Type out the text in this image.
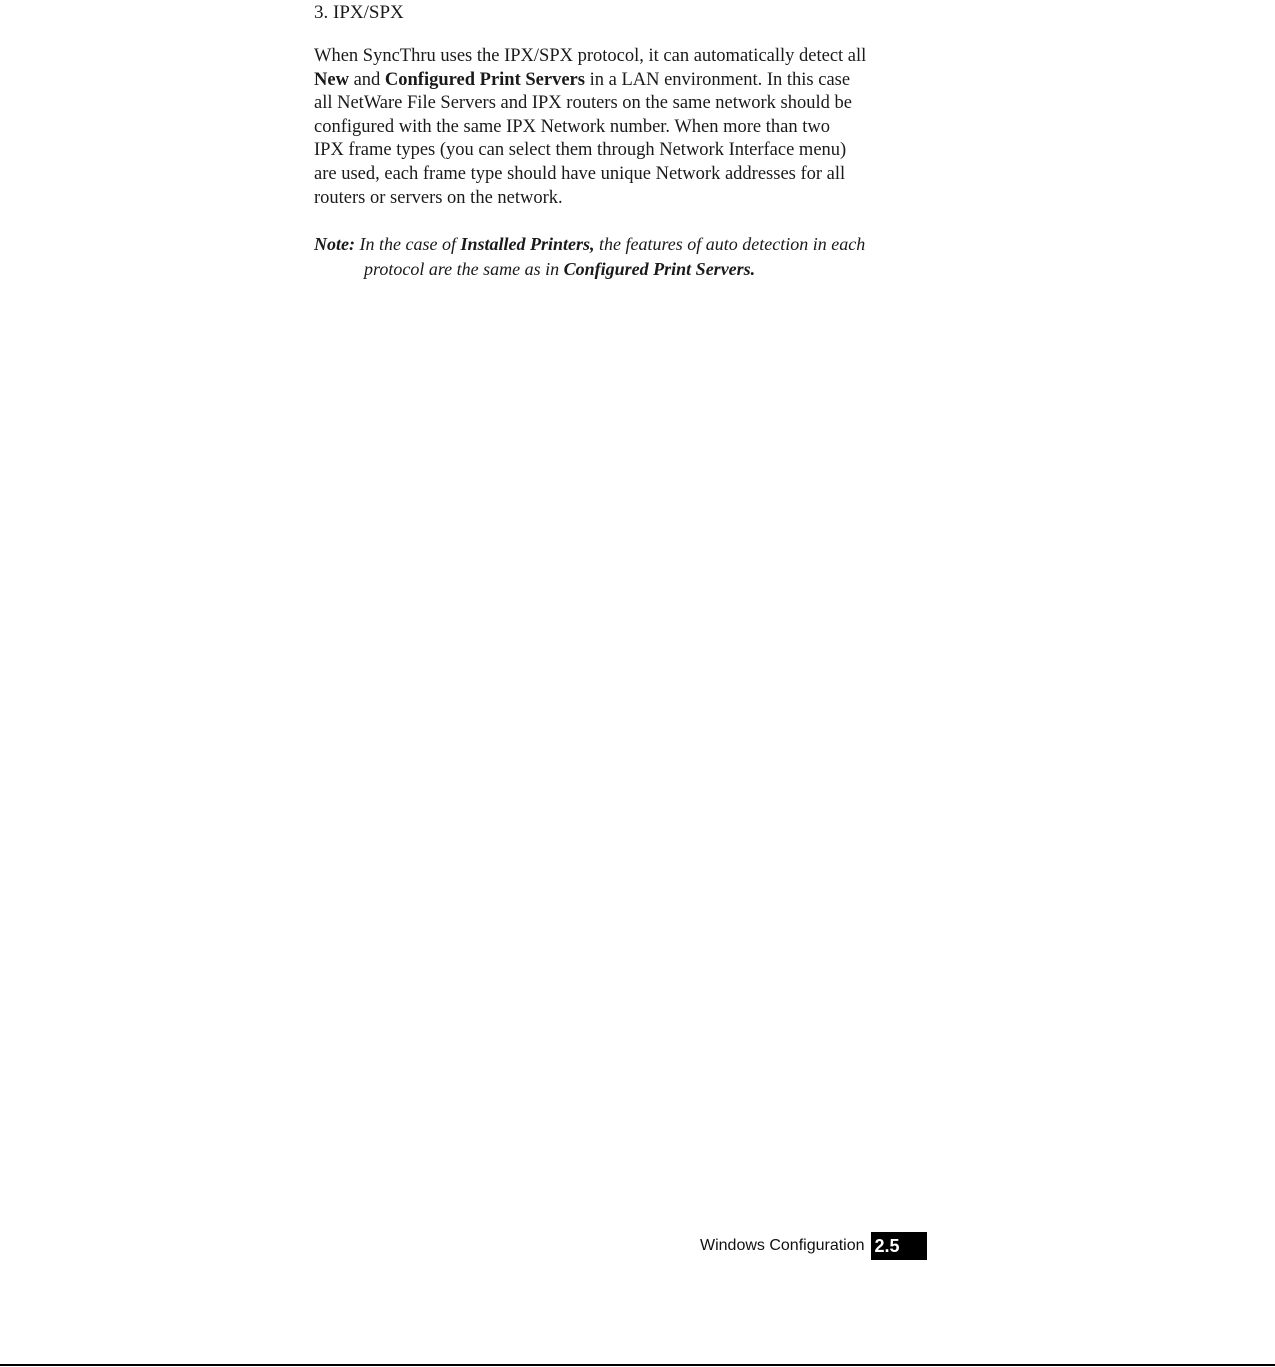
3. IPX/SPX

When SyncThru uses the IPX/SPX protocol, it can automatically detect all
New and Configured Print Servers in a LAN environment. In this case
all NetWare File Servers and IPX routers on the same network should be
configured with the same IPX Network number. When more than two
IPX frame types (you can select them through Network Interface menu)
are used, each frame type should have unique Network addresses for all
routers or servers on the network.

Note: In the case of Installed Printers, the features of auto detection in each
protocol are the same as in Configured Print Servers.

Windows Configuration 2.5
